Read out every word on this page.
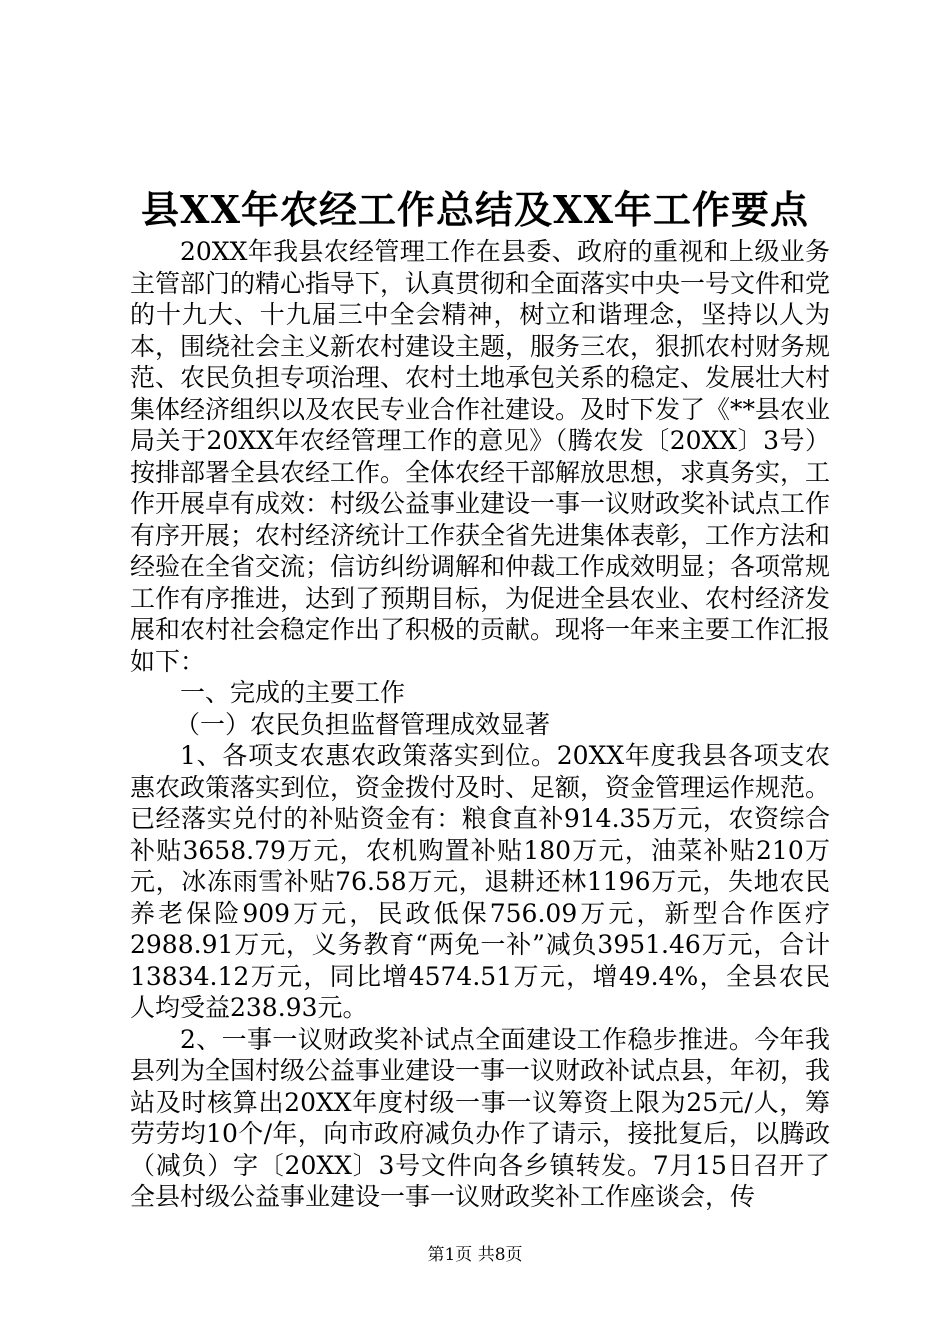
县XX年农经工作总结及XX年工作要点

20XX年我县农经管理工作在县委、政府的重视和上级业务主管部门的精心指导下，认真贯彻和全面落实中央一号文件和党的十九大、十九届三中全会精神，树立和谐理念，坚持以人为本，围绕社会主义新农村建设主题，服务三农，狠抓农村财务规范、农民负担专项治理、农村土地承包关系的稳定、发展壮大村集体经济组织以及农民专业合作社建设。及时下发了《**县农业局关于20XX年农经管理工作的意见》（腾农发〔20XX〕3号）按排部署全县农经工作。全体农经干部解放思想，求真务实，工作开展卓有成效：村级公益事业建设一事一议财政奖补试点工作有序开展；农村经济统计工作获全省先进集体表彰，工作方法和经验在全省交流；信访纠纷调解和仲裁工作成效明显；各项常规工作有序推进，达到了预期目标，为促进全县农业、农村经济发展和农村社会稳定作出了积极的贡献。现将一年来主要工作汇报如下：

一、完成的主要工作

（一）农民负担监督管理成效显著

1、各项支农惠农政策落实到位。20XX年度我县各项支农惠农政策落实到位，资金拨付及时、足额，资金管理运作规范。已经落实兑付的补贴资金有：粮食直补914.35万元，农资综合补贴3658.79万元，农机购置补贴180万元，油菜补贴210万元，冰冻雨雪补贴76.58万元，退耕还林1196万元，失地农民养老保险909万元，民政低保756.09万元，新型合作医疗2988.91万元，义务教育“两免一补”减负3951.46万元，合计13834.12万元，同比增4574.51万元，增49.4%，全县农民人均受益238.93元。

2、一事一议财政奖补试点全面建设工作稳步推进。今年我县列为全国村级公益事业建设一事一议财政补试点县，年初，我站及时核算出20XX年度村级一事一议筹资上限为25元/人，筹劳劳均10个/年，向市政府减负办作了请示，接批复后，以腾政（减负）字〔20XX〕3号文件向各乡镇转发。7月15日召开了全县村级公益事业建设一事一议财政奖补工作座谈会，传

第1页 共8页
